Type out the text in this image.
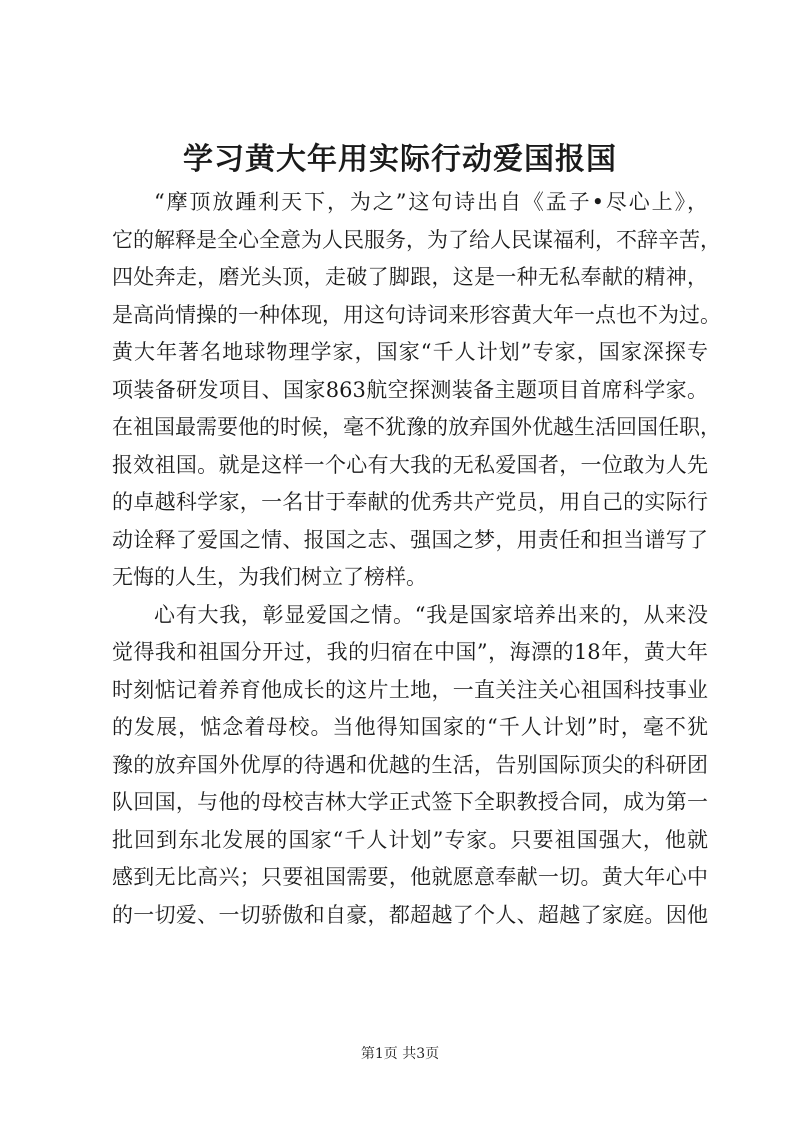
学习黄大年用实际行动爱国报国

“摩顶放踵利天下，为之”这句诗出自《孟子•尽心上》，
它的解释是全心全意为人民服务，为了给人民谋福利，不辞辛苦，
四处奔走，磨光头顶，走破了脚跟，这是一种无私奉献的精神，
是高尚情操的一种体现，用这句诗词来形容黄大年一点也不为过。
黄大年著名地球物理学家，国家“千人计划”专家，国家深探专
项装备研发项目、国家863航空探测装备主题项目首席科学家。
在祖国最需要他的时候，毫不犹豫的放弃国外优越生活回国任职，
报效祖国。就是这样一个心有大我的无私爱国者，一位敢为人先
的卓越科学家，一名甘于奉献的优秀共产党员，用自己的实际行
动诠释了爱国之情、报国之志、强国之梦，用责任和担当谱写了
无悔的人生，为我们树立了榜样。

心有大我，彰显爱国之情。“我是国家培养出来的，从来没
觉得我和祖国分开过，我的归宿在中国”，海漂的18年，黄大年
时刻惦记着养育他成长的这片土地，一直关注关心祖国科技事业
的发展，惦念着母校。当他得知国家的“千人计划”时，毫不犹
豫的放弃国外优厚的待遇和优越的生活，告别国际顶尖的科研团
队回国，与他的母校吉林大学正式签下全职教授合同，成为第一
批回到东北发展的国家“千人计划”专家。只要祖国强大，他就
感到无比高兴；只要祖国需要，他就愿意奉献一切。黄大年心中
的一切爱、一切骄傲和自豪，都超越了个人、超越了家庭。因他

第1页 共3页
